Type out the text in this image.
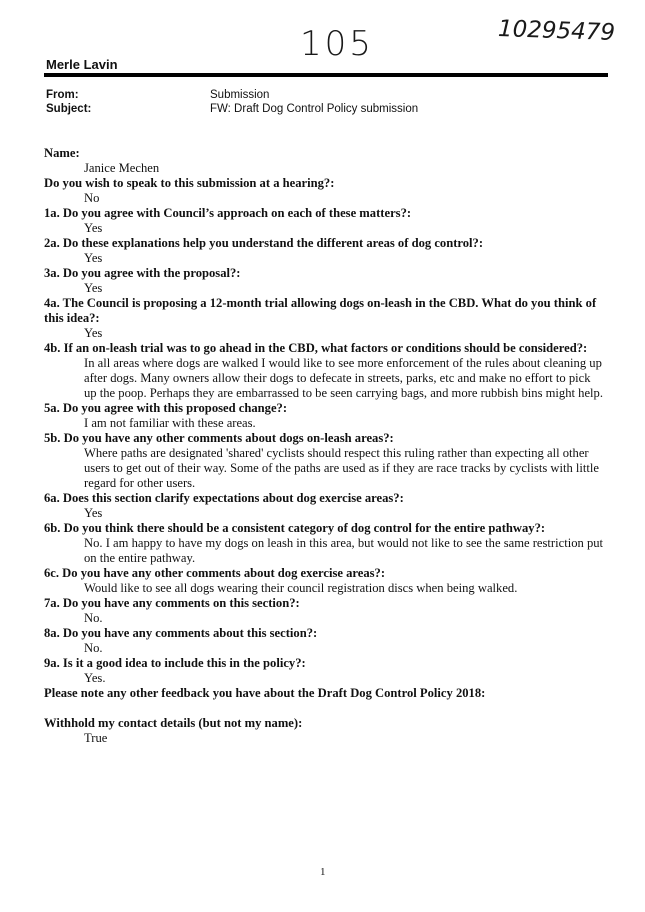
105	10295479
Merle Lavin
From:	Submission
Subject:	FW: Draft Dog Control Policy submission
Name:
Janice Mechen
Do you wish to speak to this submission at a hearing?:
No
1a. Do you agree with Council’s approach on each of these matters?:
Yes
2a. Do these explanations help you understand the different areas of dog control?:
Yes
3a. Do you agree with the proposal?:
Yes
4a. The Council is proposing a 12-month trial allowing dogs on-leash in the CBD. What do you think of this idea?:
Yes
4b. If an on-leash trial was to go ahead in the CBD, what factors or conditions should be considered?:
In all areas where dogs are walked I would like to see more enforcement of the rules about cleaning up after dogs. Many owners allow their dogs to defecate in streets, parks, etc and make no effort to pick up the poop. Perhaps they are embarrassed to be seen carrying bags, and more rubbish bins might help.
5a. Do you agree with this proposed change?:
I am not familiar with these areas.
5b. Do you have any other comments about dogs on-leash areas?:
Where paths are designated 'shared' cyclists should respect this ruling rather than expecting all other users to get out of their way. Some of the paths are used as if they are race tracks by cyclists with little regard for other users.
6a. Does this section clarify expectations about dog exercise areas?:
Yes
6b. Do you think there should be a consistent category of dog control for the entire pathway?:
No. I am happy to have my dogs on leash in this area, but would not like to see the same restriction put on the entire pathway.
6c. Do you have any other comments about dog exercise areas?:
Would like to see all dogs wearing their council registration discs when being walked.
7a. Do you have any comments on this section?:
No.
8a. Do you have any comments about this section?:
No.
9a. Is it a good idea to include this in the policy?:
Yes.
Please note any other feedback you have about the Draft Dog Control Policy 2018:
Withhold my contact details (but not my name):
True
1
